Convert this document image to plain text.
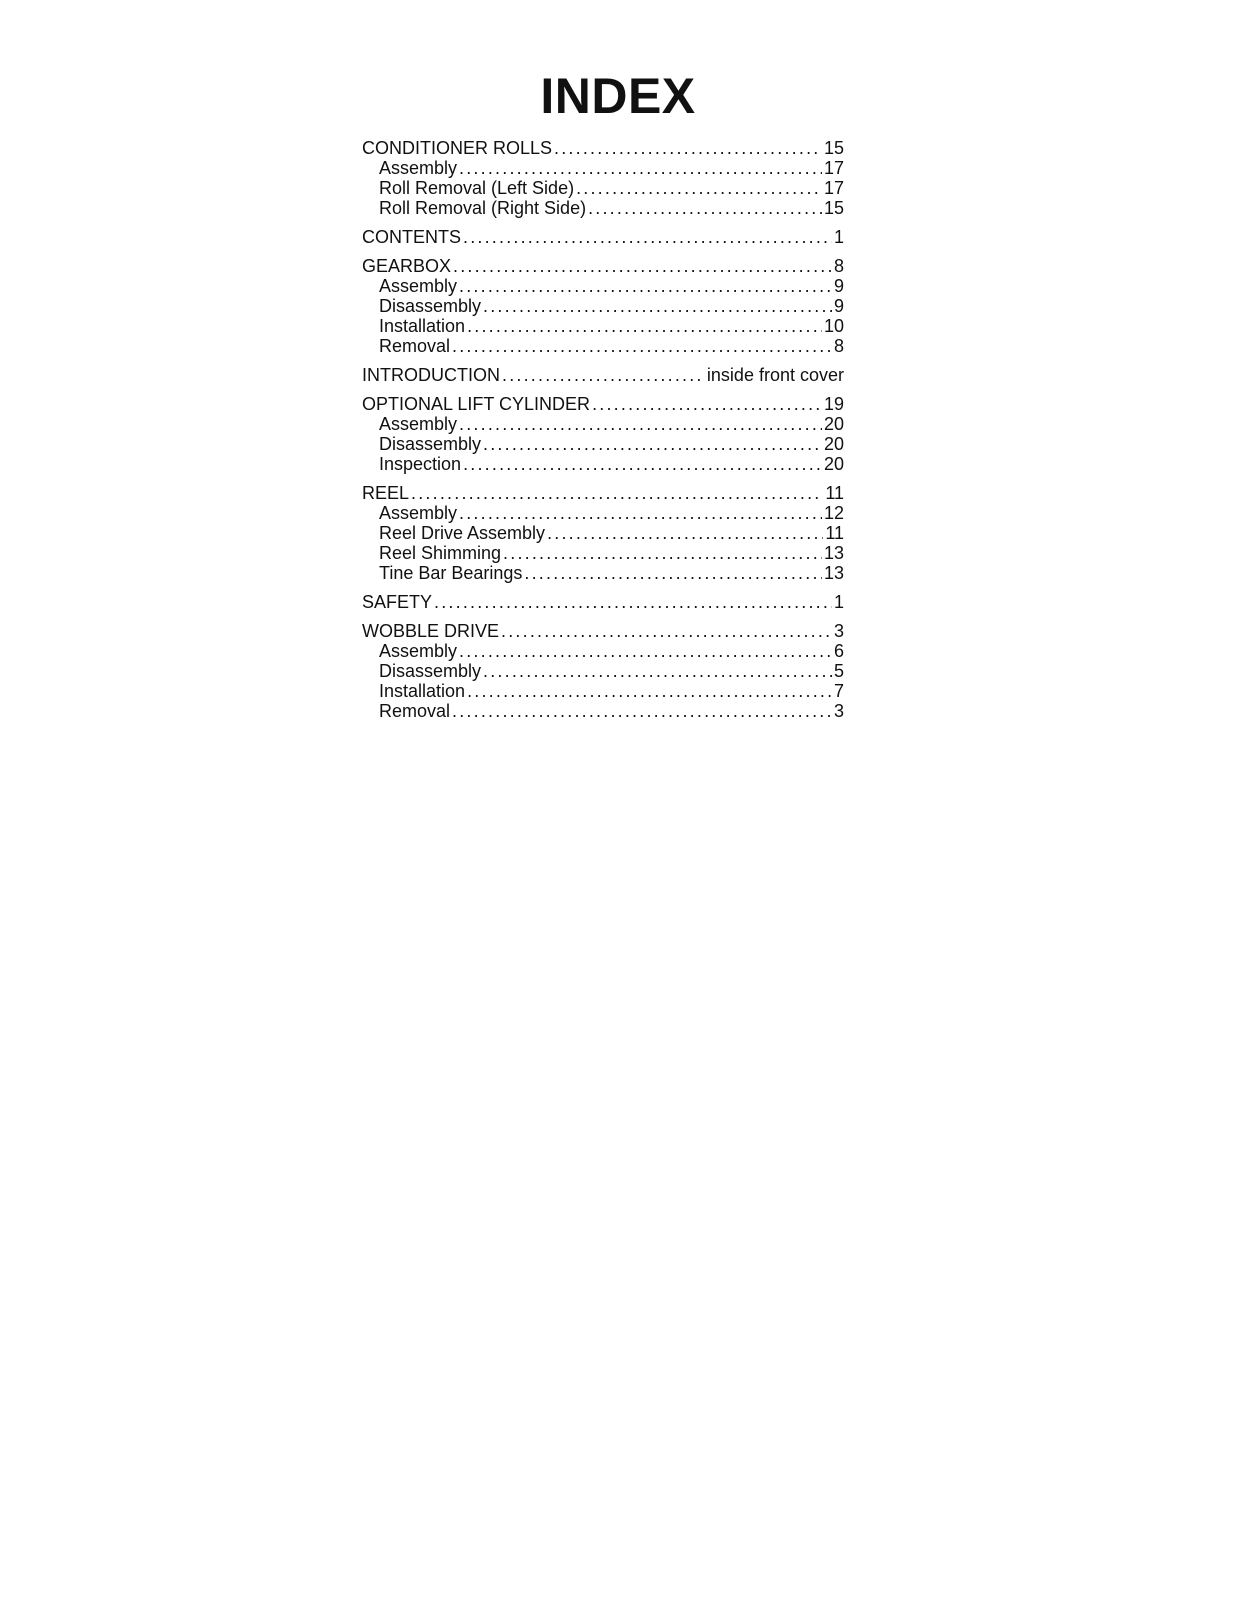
INDEX
CONDITIONER ROLLS .....	15
Assembly .....	17
Roll Removal (Left Side) .....	17
Roll Removal (Right Side) .....	15
CONTENTS .....	1
GEARBOX .....	8
Assembly .....	9
Disassembly .....	9
Installation .....	10
Removal .....	8
INTRODUCTION .....	inside front cover
OPTIONAL LIFT CYLINDER .....	19
Assembly .....	20
Disassembly .....	20
Inspection .....	20
REEL .....	11
Assembly .....	12
Reel Drive Assembly .....	11
Reel Shimming .....	13
Tine Bar Bearings .....	13
SAFETY .....	1
WOBBLE DRIVE .....	3
Assembly .....	6
Disassembly .....	5
Installation .....	7
Removal .....	3
